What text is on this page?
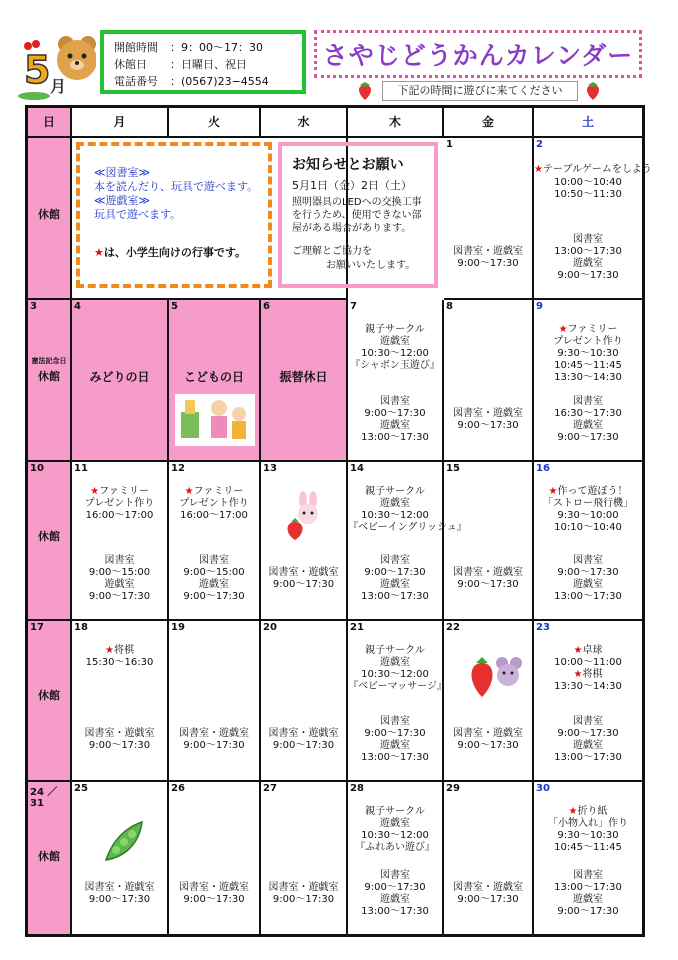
5 月
開館時間 ：9：00～17：30
休館日 ：日曜日、祝日
電話番号 ：(0567)23−4554
さやじどうかんカレンダー
下記の時間に遊びに来てください
日	月	火	水	木	金	土
休館
1
図書室・遊戯室
9:00～17:30
2
★テーブルゲームをしよう
10:00～10:40
10:50～11:30
図書室
13:00～17:30
遊戯室
9:00～17:30
3
憲法記念日
休館
4
みどりの日
5
こどもの日
6
振替休日
7
親子サークル
遊戯室
10:30～12:00
『シャボン玉遊び』
図書室
9:00～17:30
遊戯室
13:00～17:30
8
図書室・遊戯室
9:00～17:30
9
★ファミリー
プレゼント作り
9:30～10:30
10:45～11:45
13:30～14:30
図書室
16:30～17:30
遊戯室
9:00～17:30
10
休館
11
★ファミリー
プレゼント作り
16:00～17:00
図書室
9:00～15:00
遊戯室
9:00～17:30
12
★ファミリー
プレゼント作り
16:00～17:00
図書室
9:00～15:00
遊戯室
9:00～17:30
13
図書室・遊戯室
9:00～17:30
14
親子サークル
遊戯室
10:30～12:00
『ベビーイングリッシュ』
図書室
9:00～17:30
遊戯室
13:00～17:30
15
図書室・遊戯室
9:00～17:30
16
★作って遊ぼう！
「ストロー飛行機」
9:30～10:00
10:10～10:40
図書室
9:00～17:30
遊戯室
13:00～17:30
17
休館
18
★将棋
15:30～16:30
図書室・遊戯室
9:00～17:30
19
図書室・遊戯室
9:00～17:30
20
図書室・遊戯室
9:00～17:30
21
親子サークル
遊戯室
10:30～12:00
『ベビーマッサージ』
図書室
9:00～17:30
遊戯室
13:00～17:30
22
図書室・遊戯室
9:00～17:30
23
★卓球
10:00～11:00
★将棋
13:30～14:30
図書室
9:00～17:30
遊戯室
13:00～17:30
24 ／31
休館
25
図書室・遊戯室
9:00～17:30
26
図書室・遊戯室
9:00～17:30
27
図書室・遊戯室
9:00～17:30
28
親子サークル
遊戯室
10:30～12:00
『ふれあい遊び』
図書室
9:00～17:30
遊戯室
13:00～17:30
29
図書室・遊戯室
9:00～17:30
30
★折り紙
「小物入れ」作り
9:30～10:30
10:45～11:45
図書室
13:00～17:30
遊戯室
9:00～17:30
≪図書室≫
本を読んだり、玩具で遊べます。
≪遊戯室≫
玩具で遊べます。
★は、小学生向けの行事です。
お知らせとお願い
5月1日（金）2日（土）
照明器具のLEDへの交換工事
を行うため、使用できない部
屋がある場合があります。
ご理解とご協力を
お願いいたします。
